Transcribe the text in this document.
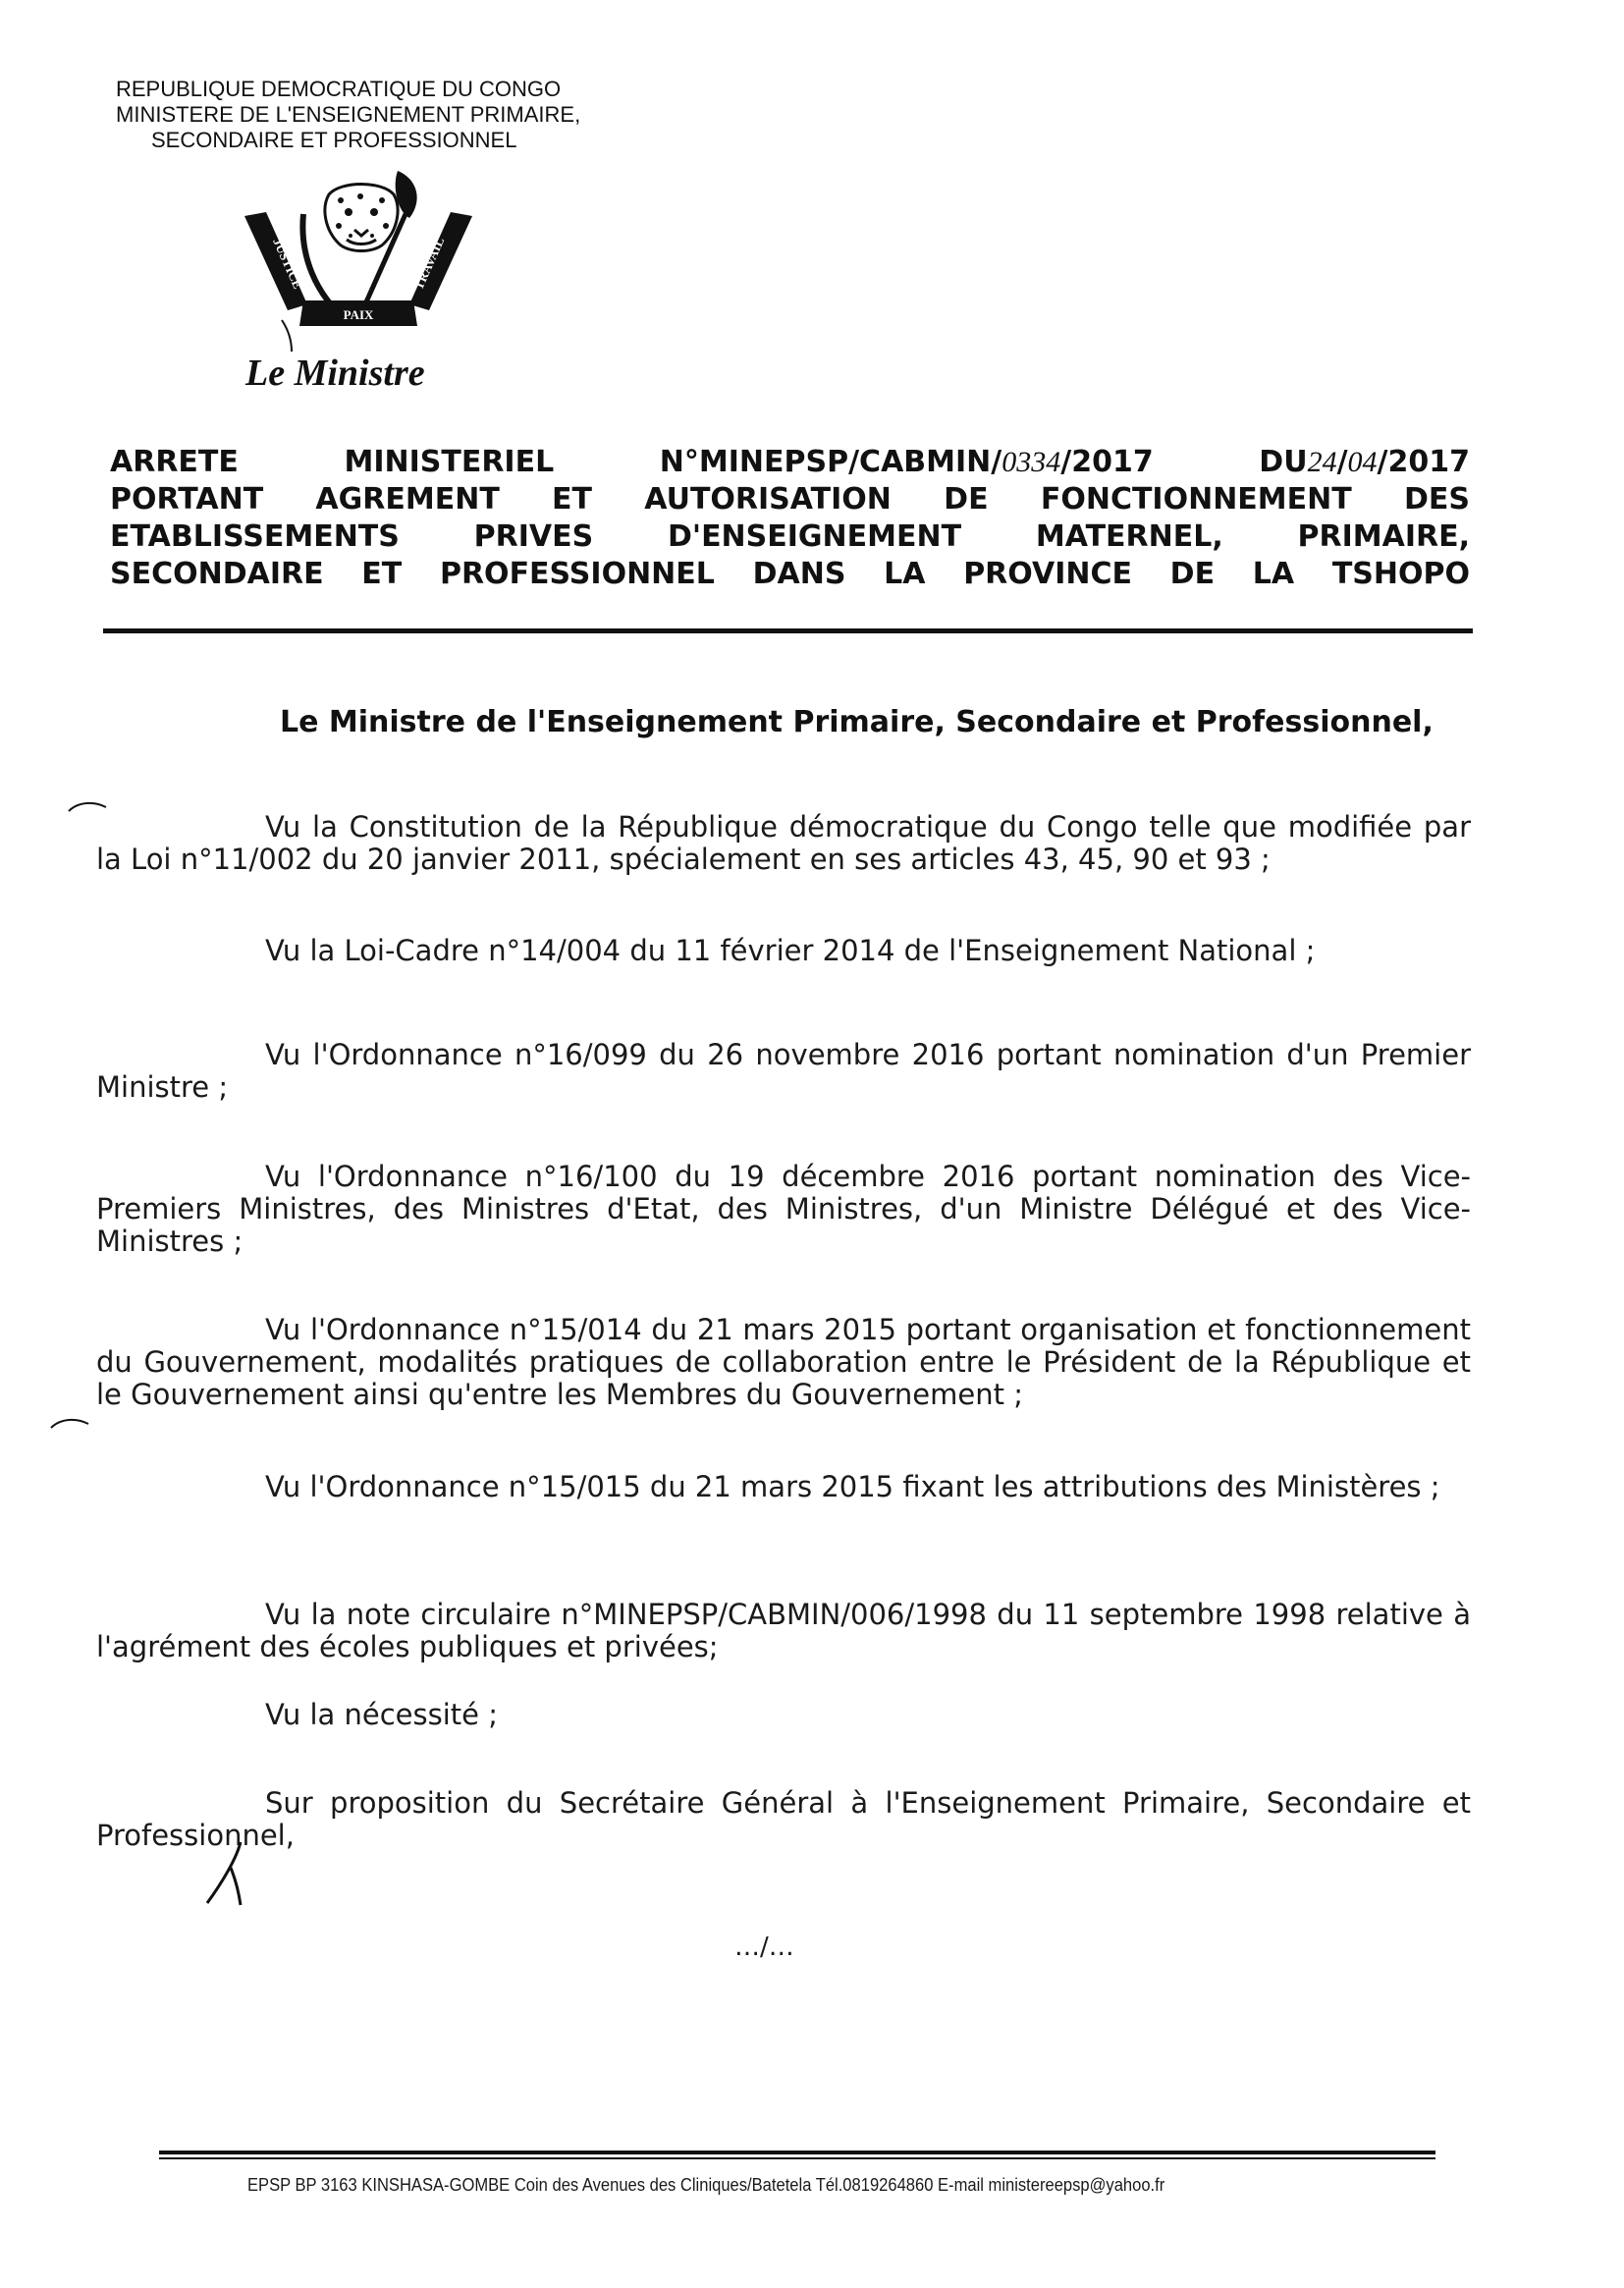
REPUBLIQUE DEMOCRATIQUE DU CONGO
MINISTERE DE L'ENSEIGNEMENT PRIMAIRE,
SECONDAIRE ET PROFESSIONNEL
JUSTICE
PAIX
TRAVAIL
Le Ministre
ARRETE	MINISTERIEL	N°MINEPSP/CABMIN/0334/2017	DU24/04/2017
PORTANT AGREMENT ET AUTORISATION DE FONCTIONNEMENT DES
ETABLISSEMENTS PRIVES D'ENSEIGNEMENT MATERNEL, PRIMAIRE,
SECONDAIRE ET PROFESSIONNEL DANS LA PROVINCE DE LA TSHOPO
Le Ministre de l'Enseignement Primaire, Secondaire et Professionnel,
Vu la Constitution de la République démocratique du Congo telle que modifiée par la Loi n°11/002 du 20 janvier 2011, spécialement en ses articles 43, 45, 90 et 93 ;
Vu la Loi-Cadre n°14/004 du 11 février 2014 de l'Enseignement National ;
Vu l'Ordonnance n°16/099 du 26 novembre 2016 portant nomination d'un Premier Ministre ;
Vu l'Ordonnance n°16/100 du 19 décembre 2016 portant nomination des Vice-Premiers Ministres, des Ministres d'Etat, des Ministres, d'un Ministre Délégué et des Vice-Ministres ;
Vu l'Ordonnance n°15/014 du 21 mars 2015 portant organisation et fonctionnement du Gouvernement, modalités pratiques de collaboration entre le Président de la République et le Gouvernement ainsi qu'entre les Membres du Gouvernement ;
Vu l'Ordonnance n°15/015 du 21 mars 2015 fixant les attributions des Ministères ;
Vu la note circulaire n°MINEPSP/CABMIN/006/1998 du 11 septembre 1998 relative à l'agrément des écoles publiques et privées;
Vu la nécessité ;
Sur proposition du Secrétaire Général à l'Enseignement Primaire, Secondaire et Professionnel,
…/…
EPSP BP 3163 KINSHASA-GOMBE Coin des Avenues des Cliniques/Batetela Tél.0819264860 E-mail ministereepsp@yahoo.fr
